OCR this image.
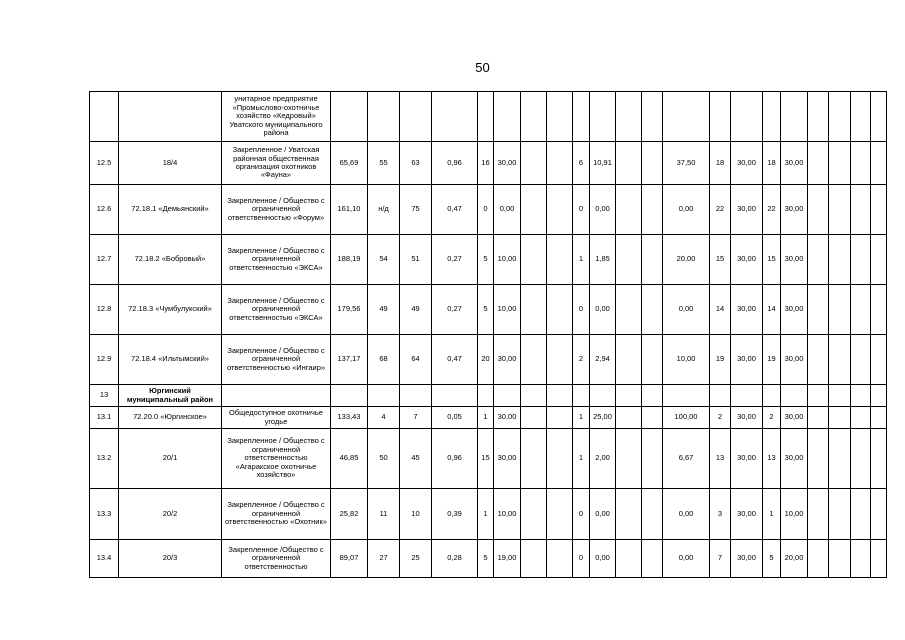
50
		унитарное предприятие «Промыслово-охотничье хозяйство «Кедровый» Уватского муниципального района																					
12.5	18/4	Закрепленное / Уватская районная общественная организация охотников «Фауна»	65,69	55	63	0,96	16	30,00			6	10,91			37,50	18	30,00	18	30,00				
12.6	72.18.1 «Демьянский»	Закрепленное / Общество с ограниченной ответственностью «Форум»	161,10	н/д	75	0,47	0	0,00			0	0,00			0,00	22	30,00	22	30,00				
12.7	72.18.2 «Бобровый»	Закрепленное / Общество с ограниченной ответственностью «ЭКСА»	188,19	54	51	0,27	5	10,00			1	1,85			20,00	15	30,00	15	30,00				
12.8	72.18.3 «Чумбулукский»	Закрепленное / Общество с ограниченной ответственностью «ЭКСА»	179,56	49	49	0,27	5	10,00			0	0,00			0,00	14	30,00	14	30,00				
12.9	72.18.4 «Ильтымский»	Закрепленное / Общество с ограниченной ответственностью «Ингаир»	137,17	68	64	0,47	20	30,00			2	2,94			10,00	19	30,00	19	30,00				
13	Юргинский муниципальный район																						
13.1	72.20.0 «Юргинское»	Общедоступное охотничье угодье	133,43	4	7	0,05	1	30,00			1	25,00			100,00	2	30,00	2	30,00				
13.2	20/1	Закрепленное / Общество с ограниченной ответственностью «Агаракское охотничье хозяйство»	46,85	50	45	0,96	15	30,00			1	2,00			6,67	13	30,00	13	30,00				
13.3	20/2	Закрепленное / Общество с ограниченной ответственностью «Охотник»	25,82	11	10	0,39	1	10,00			0	0,00			0,00	3	30,00	1	10,00				
13.4	20/3	Закрепленное /Общество с ограниченной ответственностью	89,07	27	25	0,28	5	19,00			0	0,00			0,00	7	30,00	5	20,00				
